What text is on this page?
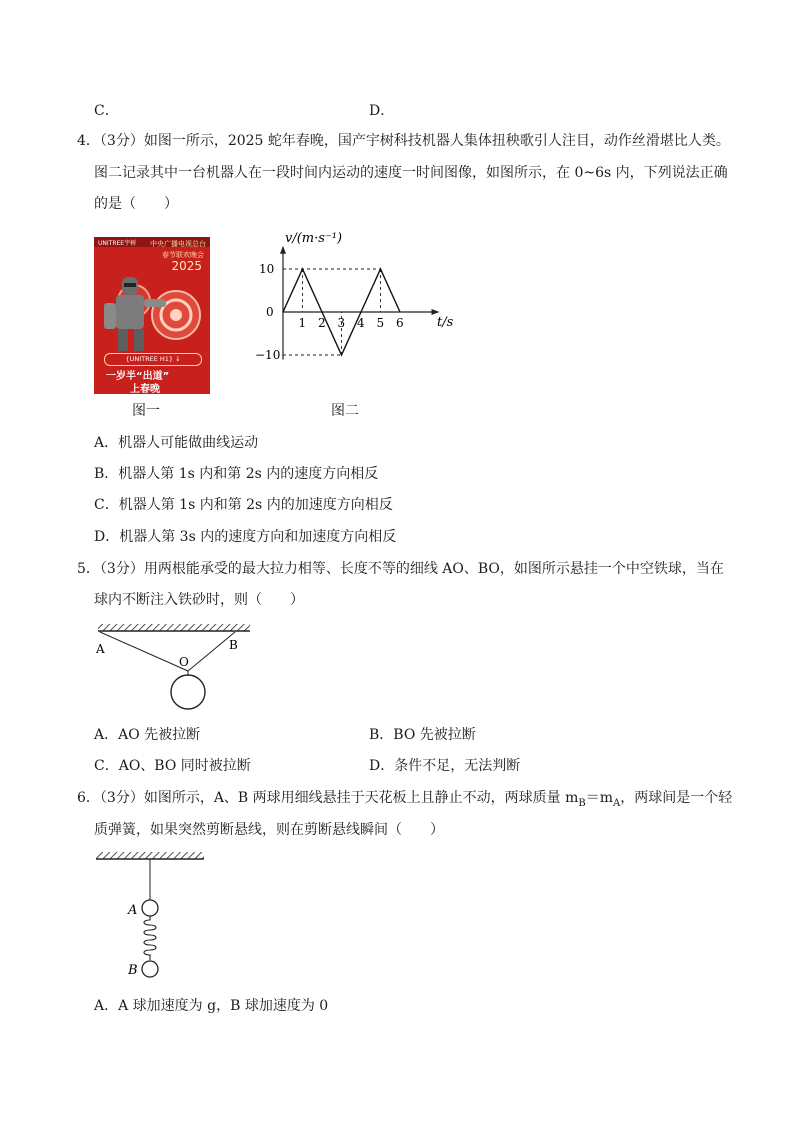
C．	D．
4．（3分）如图一所示，2025 蛇年春晚，国产宇树科技机器人集体扭秧歌引人注目，动作丝滑堪比人类。
图二记录其中一台机器人在一段时间内运动的速度一时间图像，如图所示，在 0~6s 内，下列说法正确
的是（　　）
UNITREE宇树 中央广播电视总台
春节联欢晚会
2025
{UNITREE H1} ↓
一岁半“出道”
上春晚
图一
v/(m·s⁻¹)
t/s
1 2 3 4 5 6
10
0
−10
图二
A．机器人可能做曲线运动
B．机器人第 1s 内和第 2s 内的速度方向相反
C．机器人第 1s 内和第 2s 内的加速度方向相反
D．机器人第 3s 内的速度方向和加速度方向相反
5．（3分）用两根能承受的最大拉力相等、长度不等的细线 AO、BO，如图所示悬挂一个中空铁球，当在
球内不断注入铁砂时，则（　　）
A
O
B
A．AO 先被拉断	B．BO 先被拉断
C．AO、BO 同时被拉断	D．条件不足，无法判断
6．（3分）如图所示，A、B 两球用细线悬挂于天花板上且静止不动，两球质量 $m_B=m_A$，两球间是一个轻
质弹簧，如果突然剪断悬线，则在剪断悬线瞬间（　　）
A
B
A．A 球加速度为 g，B 球加速度为 0
